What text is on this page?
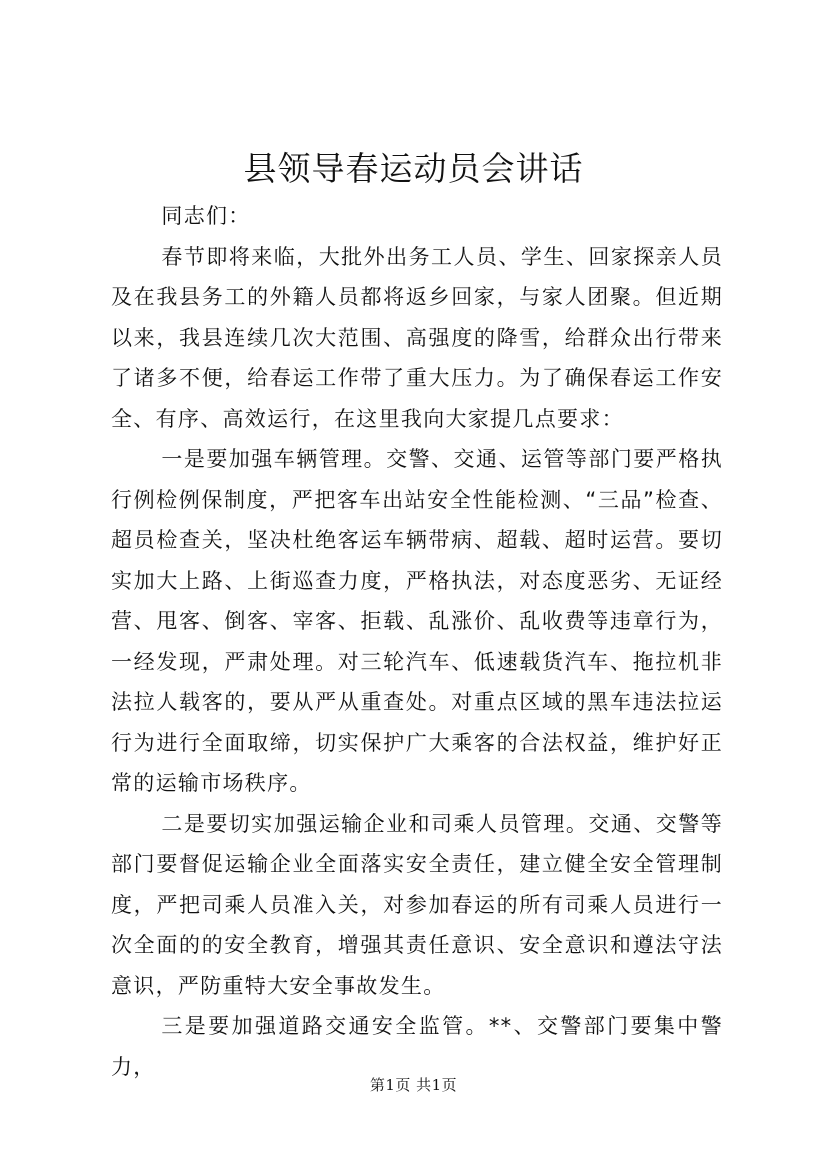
县领导春运动员会讲话

同志们：

春节即将来临，大批外出务工人员、学生、回家探亲人员及在我县务工的外籍人员都将返乡回家，与家人团聚。但近期以来，我县连续几次大范围、高强度的降雪，给群众出行带来了诸多不便，给春运工作带了重大压力。为了确保春运工作安全、有序、高效运行，在这里我向大家提几点要求：

一是要加强车辆管理。交警、交通、运管等部门要严格执行例检例保制度，严把客车出站安全性能检测、“三品”检查、超员检查关，坚决杜绝客运车辆带病、超载、超时运营。要切实加大上路、上街巡查力度，严格执法，对态度恶劣、无证经营、甩客、倒客、宰客、拒载、乱涨价、乱收费等违章行为，一经发现，严肃处理。对三轮汽车、低速载货汽车、拖拉机非法拉人载客的，要从严从重查处。对重点区域的黑车违法拉运行为进行全面取缔，切实保护广大乘客的合法权益，维护好正常的运输市场秩序。

二是要切实加强运输企业和司乘人员管理。交通、交警等部门要督促运输企业全面落实安全责任，建立健全安全管理制度，严把司乘人员准入关，对参加春运的所有司乘人员进行一次全面的的安全教育，增强其责任意识、安全意识和遵法守法意识，严防重特大安全事故发生。

三是要加强道路交通安全监管。**、交警部门要集中警力，

第1页 共1页
